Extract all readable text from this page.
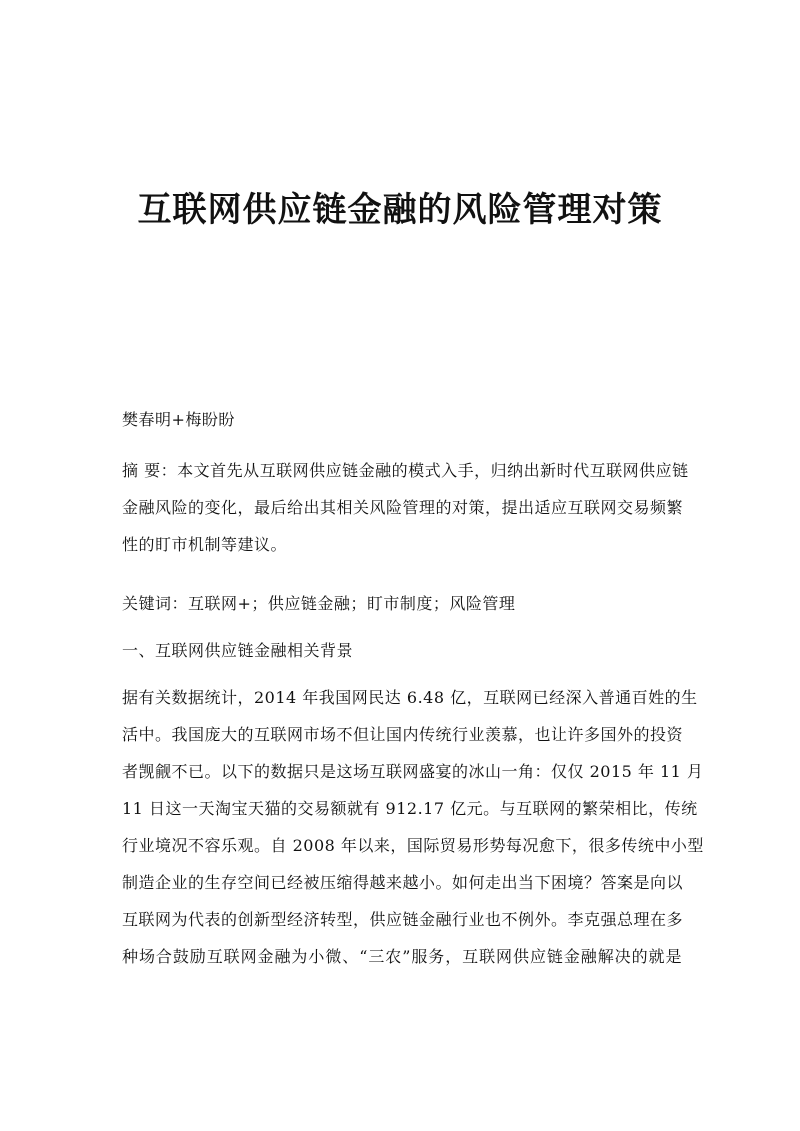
互联网供应链金融的风险管理对策
樊春明+梅盼盼
摘 要：本文首先从互联网供应链金融的模式入手，归纳出新时代互联网供应链
金融风险的变化，最后给出其相关风险管理的对策，提出适应互联网交易频繁
性的盯市机制等建议。
关键词：互联网+；供应链金融；盯市制度；风险管理
一、互联网供应链金融相关背景
据有关数据统计，2014 年我国网民达 6.48 亿，互联网已经深入普通百姓的生
活中。我国庞大的互联网市场不但让国内传统行业羡慕，也让许多国外的投资
者觊觎不已。以下的数据只是这场互联网盛宴的冰山一角：仅仅 2015 年 11 月
11 日这一天淘宝天猫的交易额就有 912.17 亿元。与互联网的繁荣相比，传统
行业境况不容乐观。自 2008 年以来，国际贸易形势每况愈下，很多传统中小型
制造企业的生存空间已经被压缩得越来越小。如何走出当下困境？答案是向以
互联网为代表的创新型经济转型，供应链金融行业也不例外。李克强总理在多
种场合鼓励互联网金融为小微、“三农”服务，互联网供应链金融解决的就是
